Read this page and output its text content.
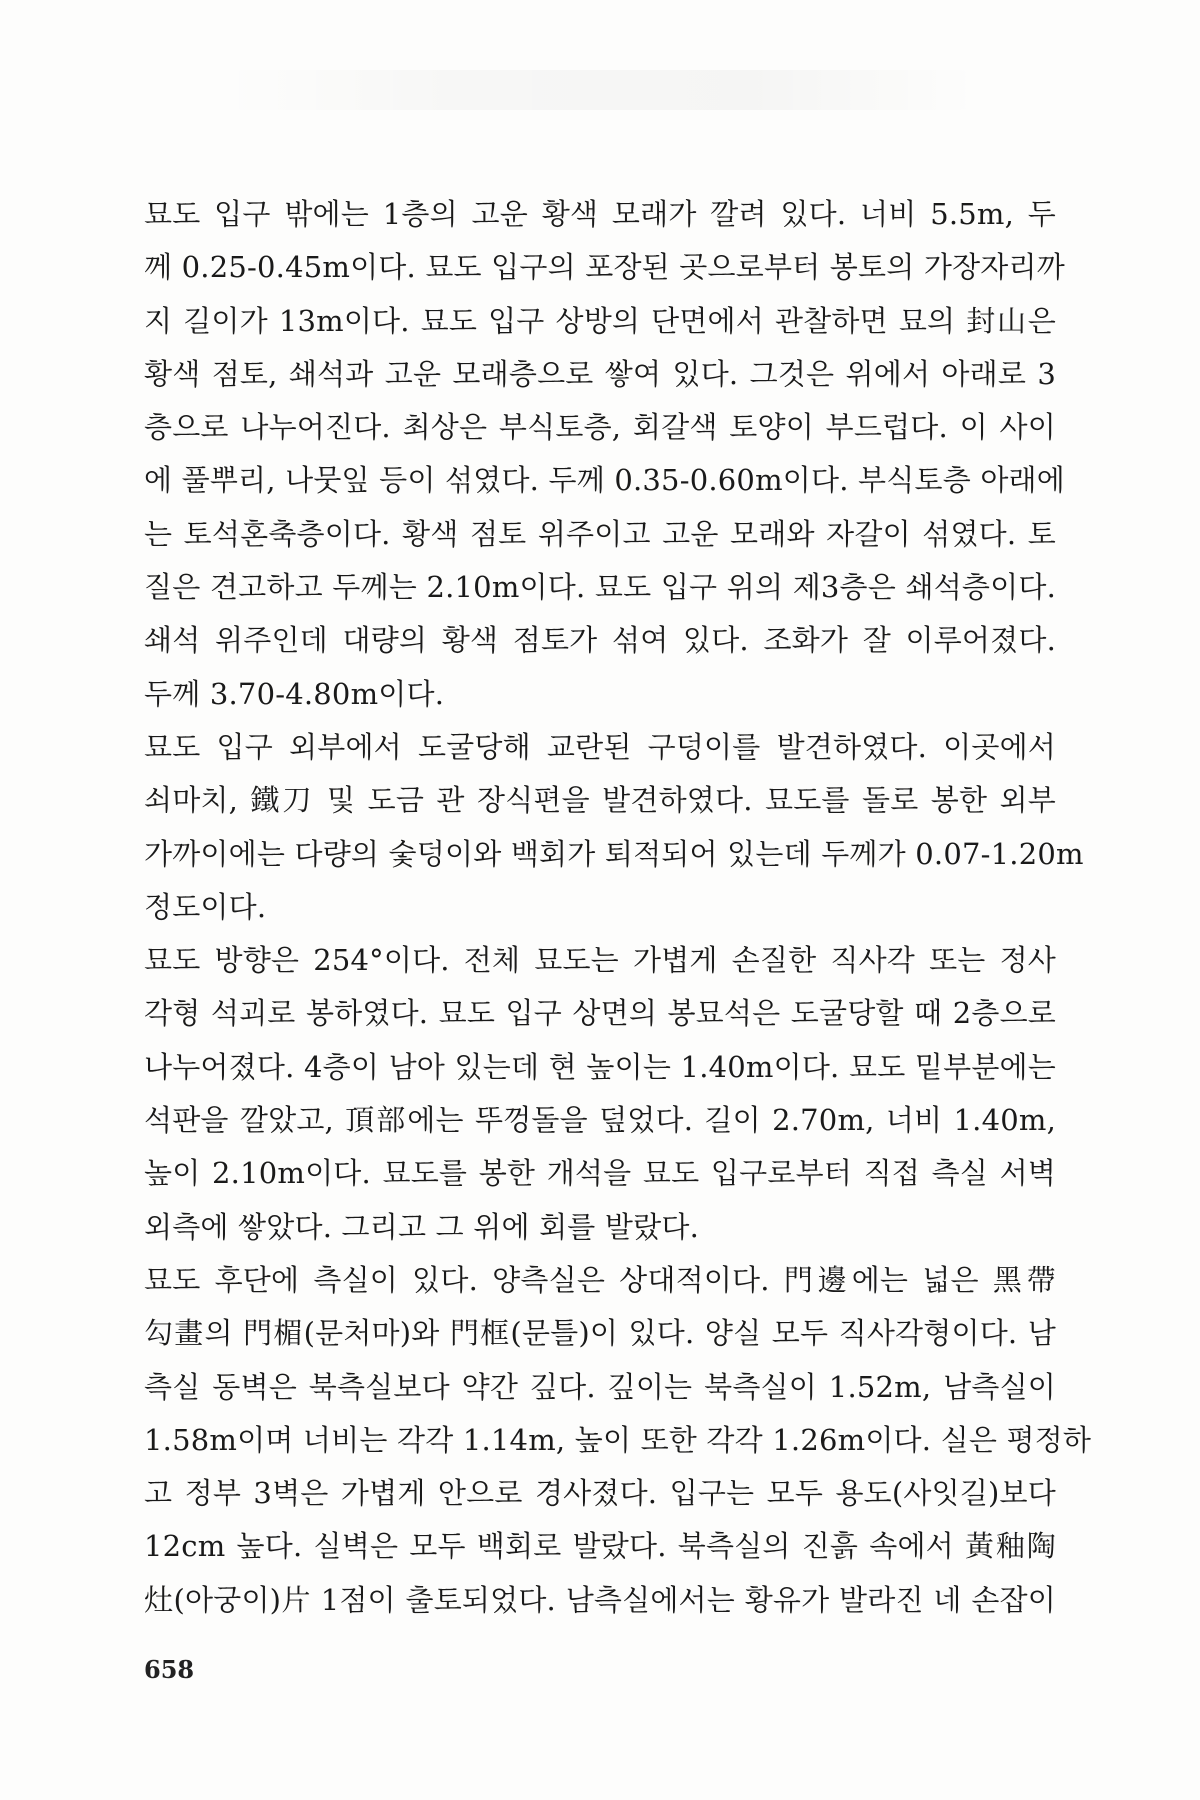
묘도 입구 밖에는 1층의 고운 황색 모래가 깔려 있다. 너비 5.5m, 두
께 0.25-0.45m이다. 묘도 입구의 포장된 곳으로부터 봉토의 가장자리까
지 길이가 13m이다. 묘도 입구 상방의 단면에서 관찰하면 묘의 封山은
황색 점토, 쇄석과 고운 모래층으로 쌓여 있다. 그것은 위에서 아래로 3
층으로 나누어진다. 최상은 부식토층, 회갈색 토양이 부드럽다. 이 사이
에 풀뿌리, 나뭇잎 등이 섞였다. 두께 0.35-0.60m이다. 부식토층 아래에
는 토석혼축층이다. 황색 점토 위주이고 고운 모래와 자갈이 섞였다. 토
질은 견고하고 두께는 2.10m이다. 묘도 입구 위의 제3층은 쇄석층이다.
쇄석 위주인데 대량의 황색 점토가 섞여 있다. 조화가 잘 이루어졌다.
두께 3.70-4.80m이다.
묘도 입구 외부에서 도굴당해 교란된 구덩이를 발견하였다. 이곳에서
쇠마치, 鐵刀 및 도금 관 장식편을 발견하였다. 묘도를 돌로 봉한 외부
가까이에는 다량의 숯덩이와 백회가 퇴적되어 있는데 두께가 0.07-1.20m
정도이다.
묘도 방향은 254°이다. 전체 묘도는 가볍게 손질한 직사각 또는 정사
각형 석괴로 봉하였다. 묘도 입구 상면의 봉묘석은 도굴당할 때 2층으로
나누어졌다. 4층이 남아 있는데 현 높이는 1.40m이다. 묘도 밑부분에는
석판을 깔았고, 頂部에는 뚜껑돌을 덮었다. 길이 2.70m, 너비 1.40m,
높이 2.10m이다. 묘도를 봉한 개석을 묘도 입구로부터 직접 측실 서벽
외측에 쌓았다. 그리고 그 위에 회를 발랐다.
묘도 후단에 측실이 있다. 양측실은 상대적이다. 門邊에는 넓은 黑帶
勾畫의 門楣(문처마)와 門框(문틀)이 있다. 양실 모두 직사각형이다. 남
측실 동벽은 북측실보다 약간 깊다. 깊이는 북측실이 1.52m, 남측실이
1.58m이며 너비는 각각 1.14m, 높이 또한 각각 1.26m이다. 실은 평정하
고 정부 3벽은 가볍게 안으로 경사졌다. 입구는 모두 용도(사잇길)보다
12cm 높다. 실벽은 모두 백회로 발랐다. 북측실의 진흙 속에서 黃釉陶
灶(아궁이)片 1점이 출토되었다. 남측실에서는 황유가 발라진 네 손잡이
658
